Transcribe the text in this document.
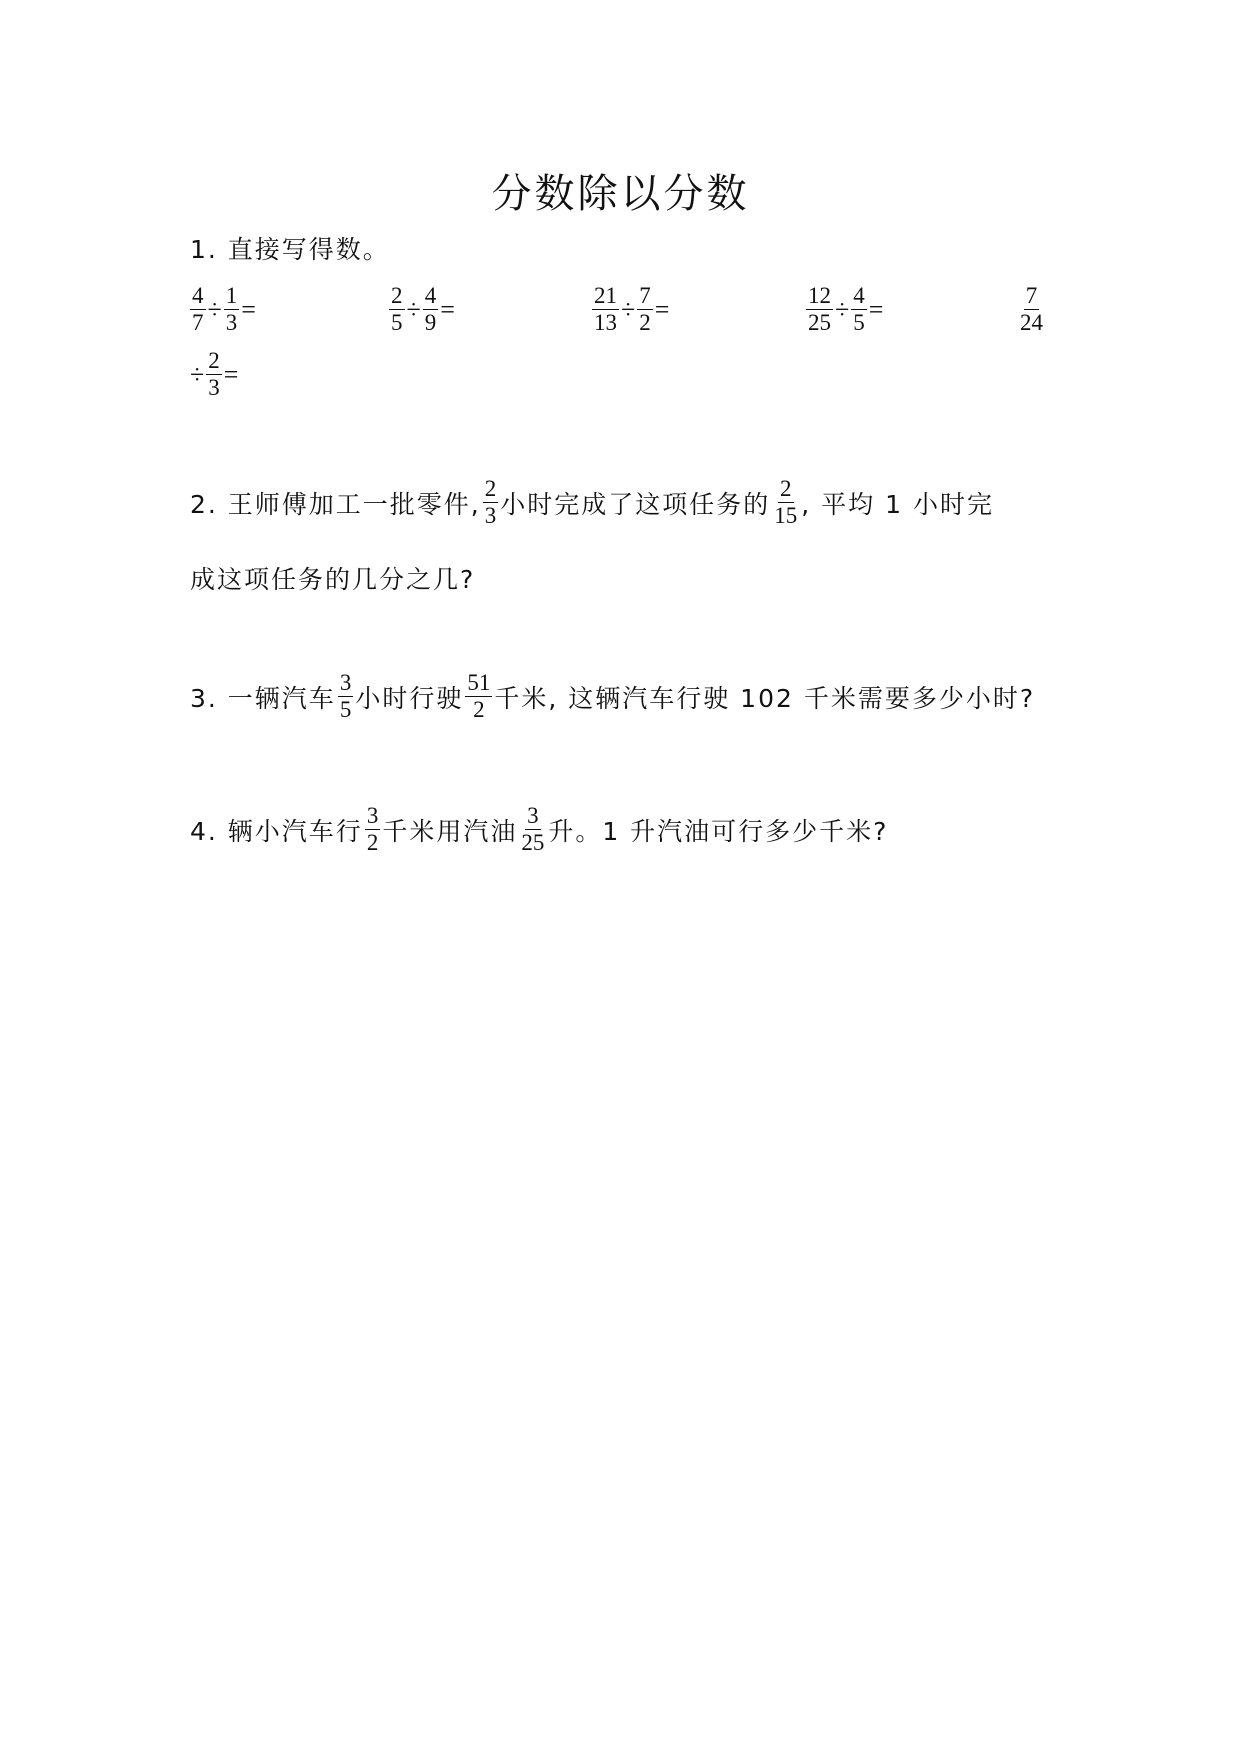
分数除以分数
1. 直接写得数。
$\frac{4}{7} \div \frac{1}{3}$ =	$\frac{2}{5} \div \frac{4}{9}$ =	$\frac{21}{13} \div \frac{7}{2}$ =	$\frac{12}{25} \div \frac{4}{5}$ =	$\frac{7}{24}$
÷ $\frac{2}{3}$ =
2. 王师傅加工一批零件, $\frac{2}{3}$ 小时完成了这项任务的 $\frac{2}{15}$ , 平均 1 小时完
成这项任务的几分之几?
3. 一辆汽车 $\frac{3}{5}$ 小时行驶 $\frac{51}{2}$ 千米, 这辆汽车行驶 102 千米需要多少小时?
4. 辆小汽车行 $\frac{3}{2}$ 千米用汽油 $\frac{3}{25}$ 升。1 升汽油可行多少千米?
